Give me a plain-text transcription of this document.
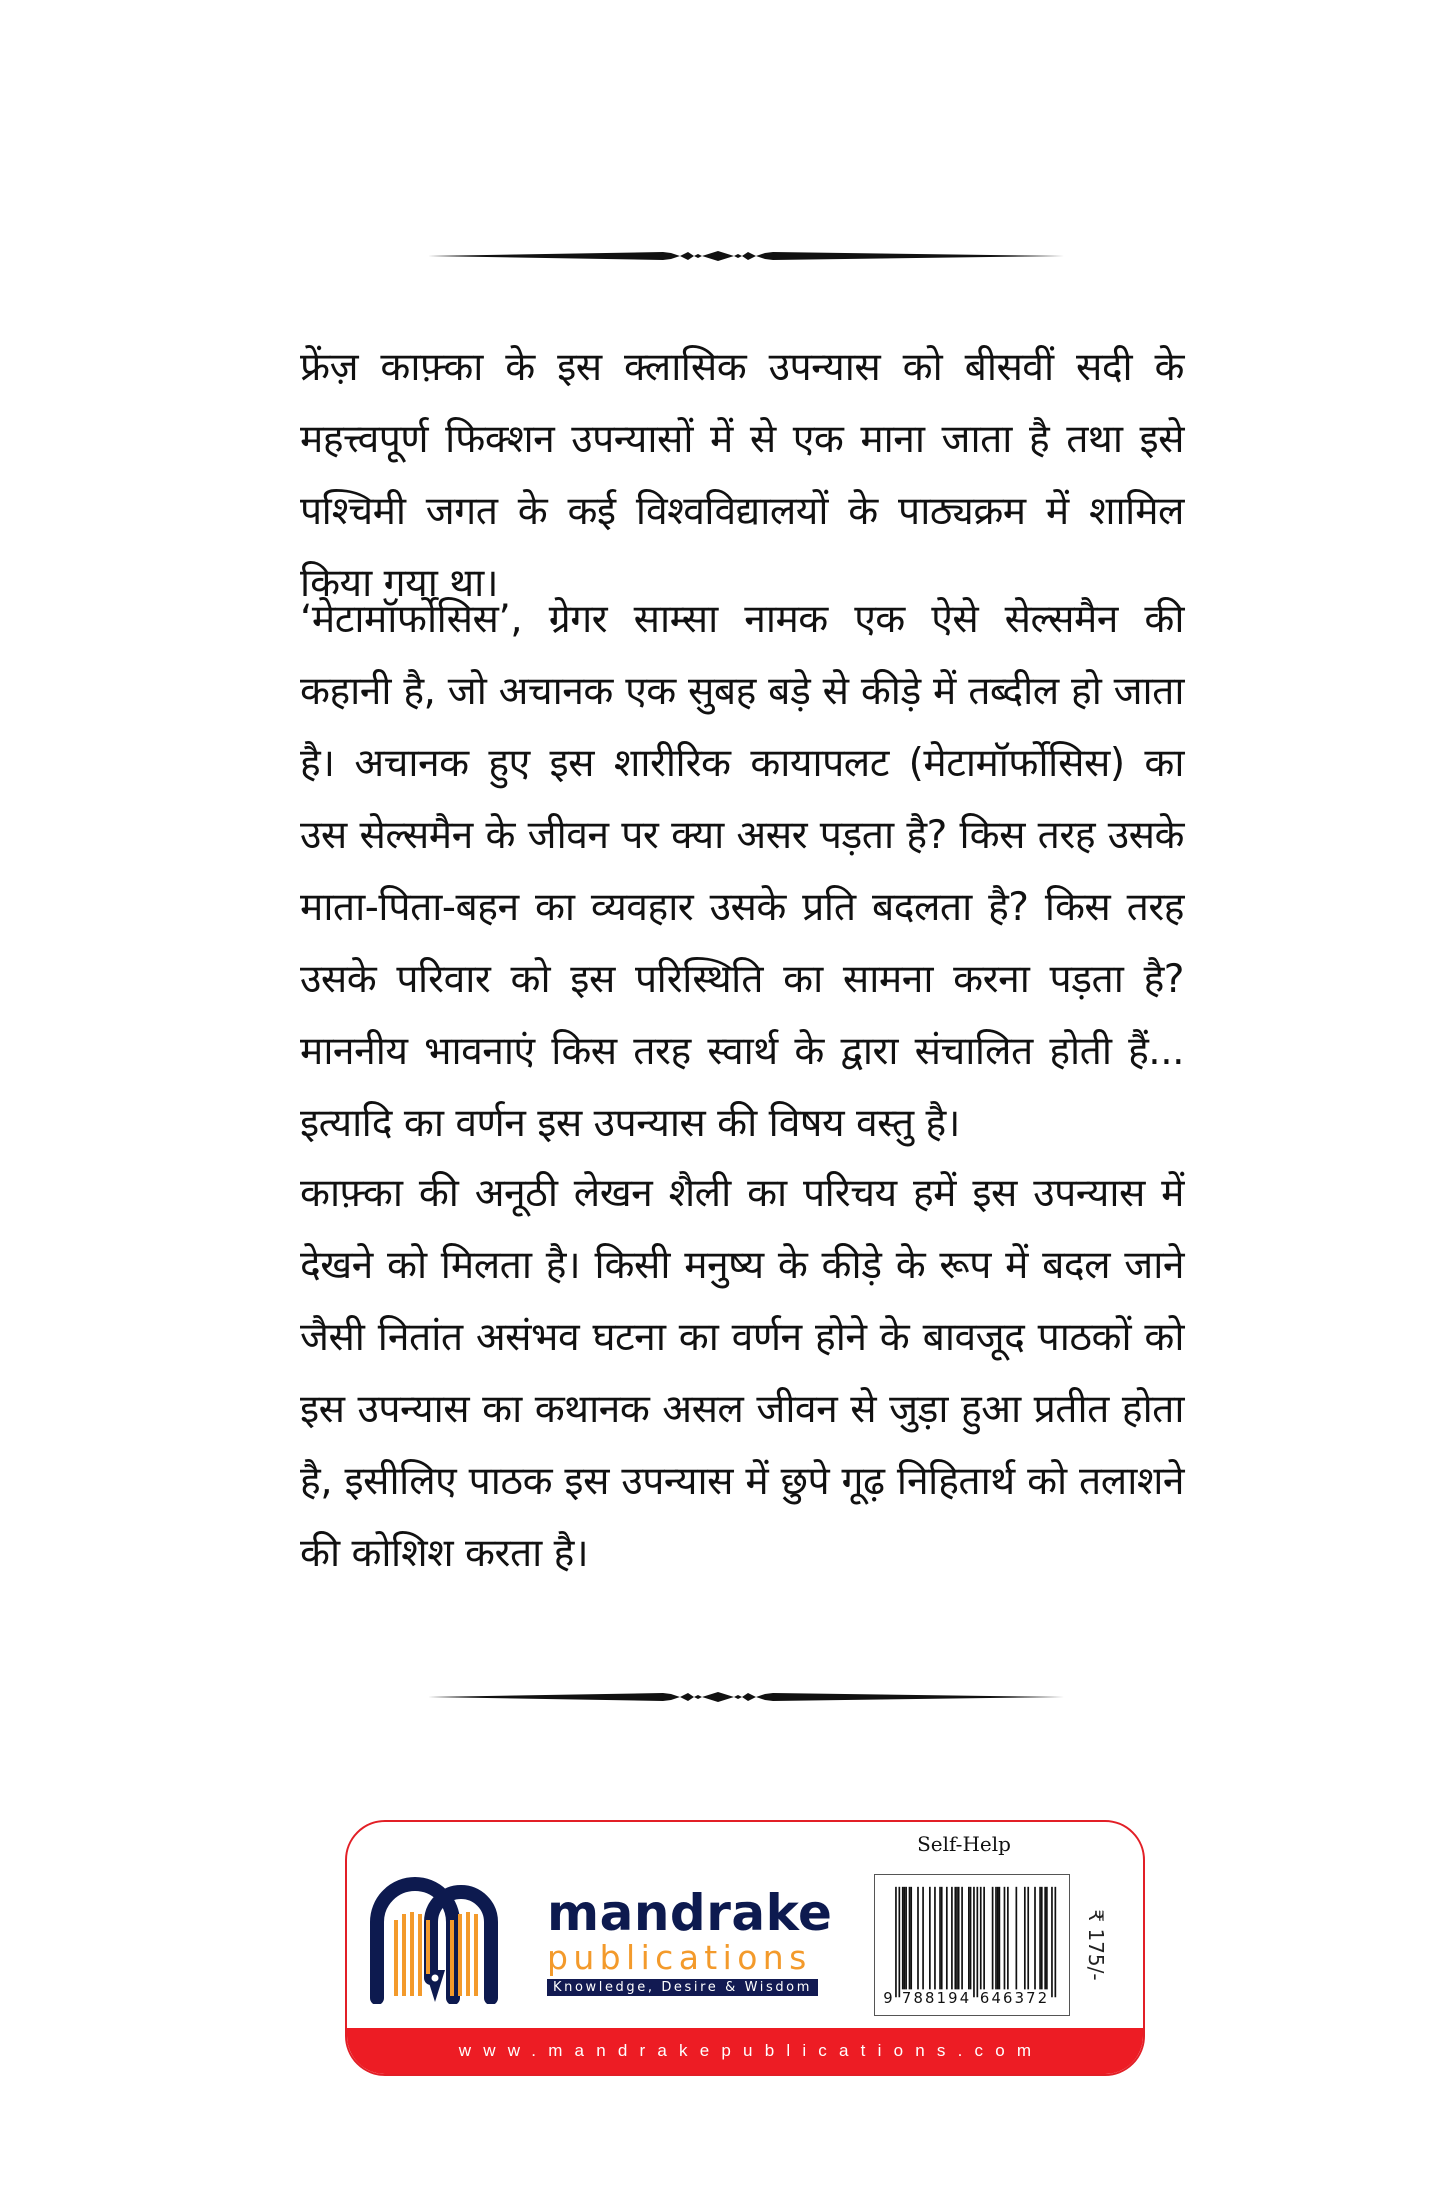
फ्रेंज़ काफ़्का के इस क्लासिक उपन्यास को बीसवीं सदी के महत्त्वपूर्ण फिक्शन उपन्यासों में से एक माना जाता है तथा इसे पश्चिमी जगत के कई विश्वविद्यालयों के पाठ्यक्रम में शामिल किया गया था।

‘मेटामॉर्फोसिस’, ग्रेगर साम्सा नामक एक ऐसे सेल्समैन की कहानी है, जो अचानक एक सुबह बड़े से कीड़े में तब्दील हो जाता है। अचानक हुए इस शारीरिक कायापलट (मेटामॉर्फोसिस) का उस सेल्समैन के जीवन पर क्या असर पड़ता है? किस तरह उसके माता-पिता-बहन का व्यवहार उसके प्रति बदलता है? किस तरह उसके परिवार को इस परिस्थिति का सामना करना पड़ता है? माननीय भावनाएं किस तरह स्वार्थ के द्वारा संचालित होती हैं... इत्यादि का वर्णन इस उपन्यास की विषय वस्तु है।

काफ़्का की अनूठी लेखन शैली का परिचय हमें इस उपन्यास में देखने को मिलता है। किसी मनुष्य के कीड़े के रूप में बदल जाने जैसी नितांत असंभव घटना का वर्णन होने के बावजूद पाठकों को इस उपन्यास का कथानक असल जीवन से जुड़ा हुआ प्रतीत होता है, इसीलिए पाठक इस उपन्यास में छुपे गूढ़ निहितार्थ को तलाशने की कोशिश करता है।

mandrake
publications
Knowledge, Desire & Wisdom
Self-Help
9 788194 646372
₹ 175/-
www.mandrakepublications.com
